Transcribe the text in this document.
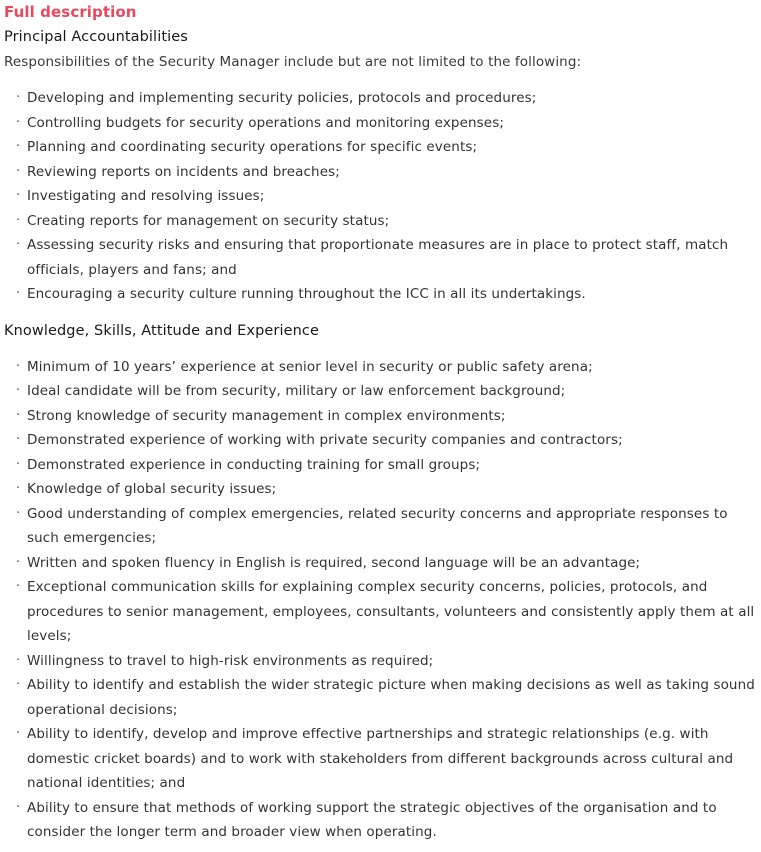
Full description
Principal Accountabilities
Responsibilities of the Security Manager include but are not limited to the following:
· Developing and implementing security policies, protocols and procedures;
· Controlling budgets for security operations and monitoring expenses;
· Planning and coordinating security operations for specific events;
· Reviewing reports on incidents and breaches;
· Investigating and resolving issues;
· Creating reports for management on security status;
· Assessing security risks and ensuring that proportionate measures are in place to protect staff, match officials, players and fans; and
· Encouraging a security culture running throughout the ICC in all its undertakings.
Knowledge, Skills, Attitude and Experience
· Minimum of 10 years’ experience at senior level in security or public safety arena;
· Ideal candidate will be from security, military or law enforcement background;
· Strong knowledge of security management in complex environments;
· Demonstrated experience of working with private security companies and contractors;
· Demonstrated experience in conducting training for small groups;
· Knowledge of global security issues;
· Good understanding of complex emergencies, related security concerns and appropriate responses to such emergencies;
· Written and spoken fluency in English is required, second language will be an advantage;
· Exceptional communication skills for explaining complex security concerns, policies, protocols, and procedures to senior management, employees, consultants, volunteers and consistently apply them at all levels;
· Willingness to travel to high-risk environments as required;
· Ability to identify and establish the wider strategic picture when making decisions as well as taking sound operational decisions;
· Ability to identify, develop and improve effective partnerships and strategic relationships (e.g. with domestic cricket boards) and to work with stakeholders from different backgrounds across cultural and national identities; and
· Ability to ensure that methods of working support the strategic objectives of the organisation and to consider the longer term and broader view when operating.
